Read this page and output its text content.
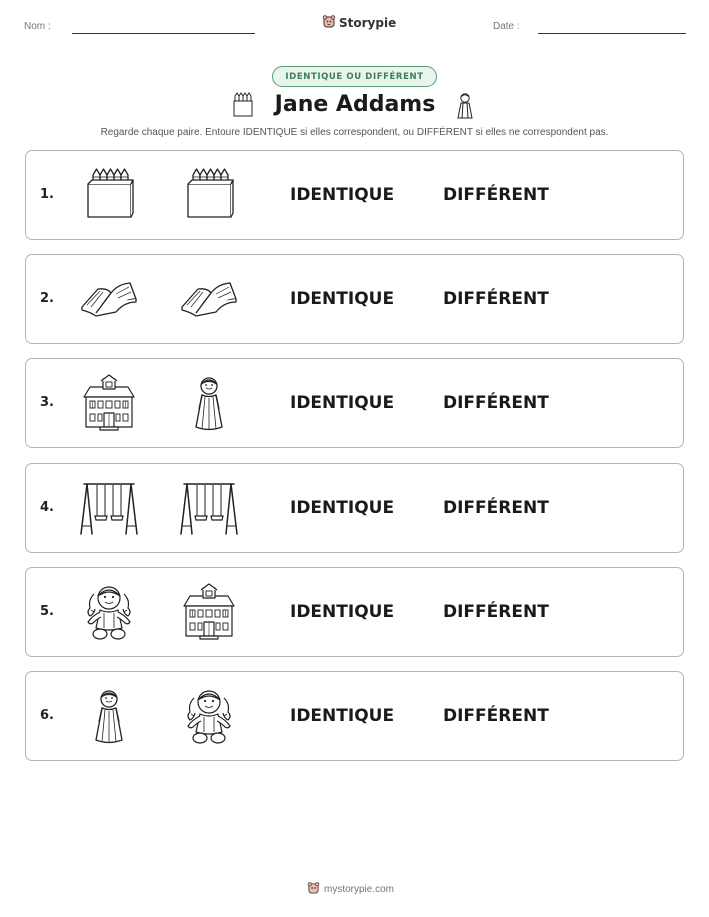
Nom :	Storypie	Date :
IDENTIQUE OU DIFFÉRENT
Jane Addams
Regarde chaque paire. Entoure IDENTIQUE si elles correspondent, ou DIFFÉRENT si elles ne correspondent pas.
1.	IDENTIQUE	DIFFÉRENT
2.	IDENTIQUE	DIFFÉRENT
3.	IDENTIQUE	DIFFÉRENT
4.	IDENTIQUE	DIFFÉRENT
5.	IDENTIQUE	DIFFÉRENT
6.	IDENTIQUE	DIFFÉRENT
mystorypie.com
